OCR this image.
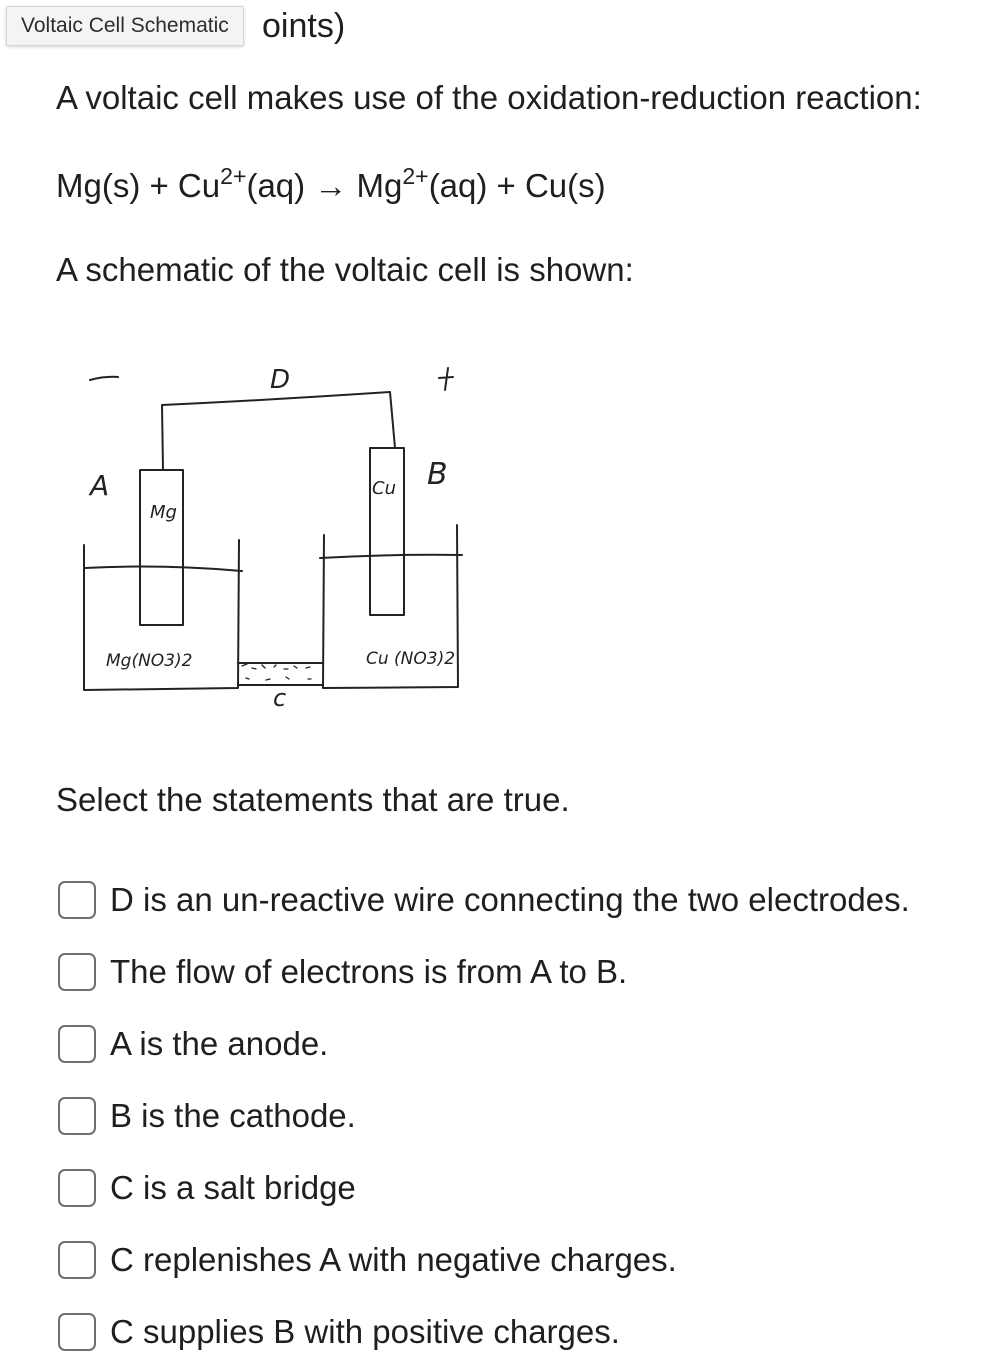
Voltaic Cell Schematic oints)
A voltaic cell makes use of the oxidation-reduction reaction:
$Mg(s) + Cu^{2+}(aq) \to Mg^{2+}(aq) + Cu(s)$
A schematic of the voltaic cell is shown:
D
A	B
c
Mg
Cu
Mg(NO3)2	Cu (NO3)2
Select the statements that are true.
D is an un-reactive wire connecting the two electrodes.
The flow of electrons is from A to B.
A is the anode.
B is the cathode.
C is a salt bridge
C replenishes A with negative charges.
C supplies B with positive charges.
